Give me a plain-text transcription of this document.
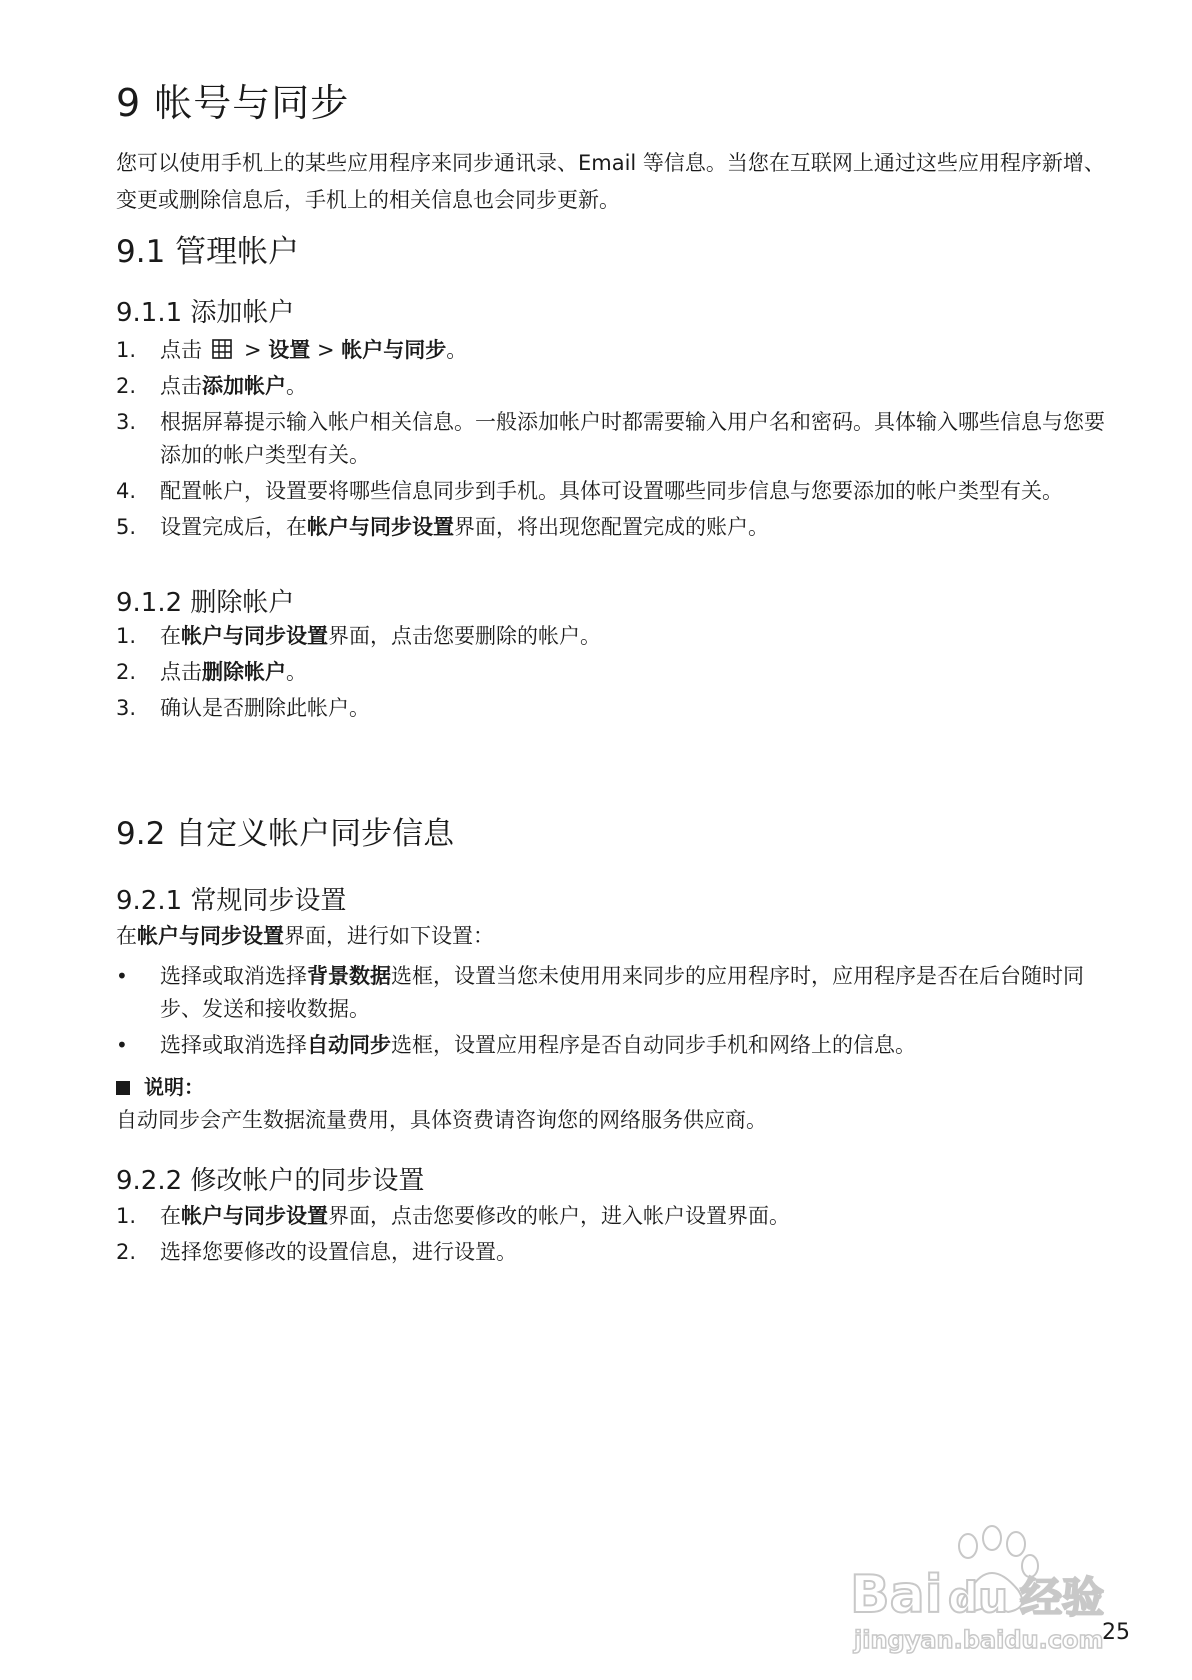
9 帐号与同步

您可以使用手机上的某些应用程序来同步通讯录、Email 等信息。当您在互联网上通过这些应用程序新增、变更或删除信息后，手机上的相关信息也会同步更新。

9.1 管理帐户
9.1.1 添加帐户
1. 点击 > 设置 > 帐户与同步。
2. 点击添加帐户。
3. 根据屏幕提示输入帐户相关信息。一般添加帐户时都需要输入用户名和密码。具体输入哪些信息与您要添加的帐户类型有关。
4. 配置帐户，设置要将哪些信息同步到手机。具体可设置哪些同步信息与您要添加的帐户类型有关。
5. 设置完成后，在帐户与同步设置界面，将出现您配置完成的账户。
9.1.2 删除帐户
1. 在帐户与同步设置界面，点击您要删除的帐户。
2. 点击删除帐户。
3. 确认是否删除此帐户。
9.2 自定义帐户同步信息
9.2.1 常规同步设置

在帐户与同步设置界面，进行如下设置：

• 选择或取消选择背景数据选框，设置当您未使用用来同步的应用程序时，应用程序是否在后台随时同步、发送和接收数据。
• 选择或取消选择自动同步选框，设置应用程序是否自动同步手机和网络上的信息。

说明：

自动同步会产生数据流量费用，具体资费请咨询您的网络服务供应商。

9.2.2 修改帐户的同步设置
1. 在帐户与同步设置界面，点击您要修改的帐户，进入帐户设置界面。
2. 选择您要修改的设置信息，进行设置。
Bai du 经验
jingyan.baidu.com
25
